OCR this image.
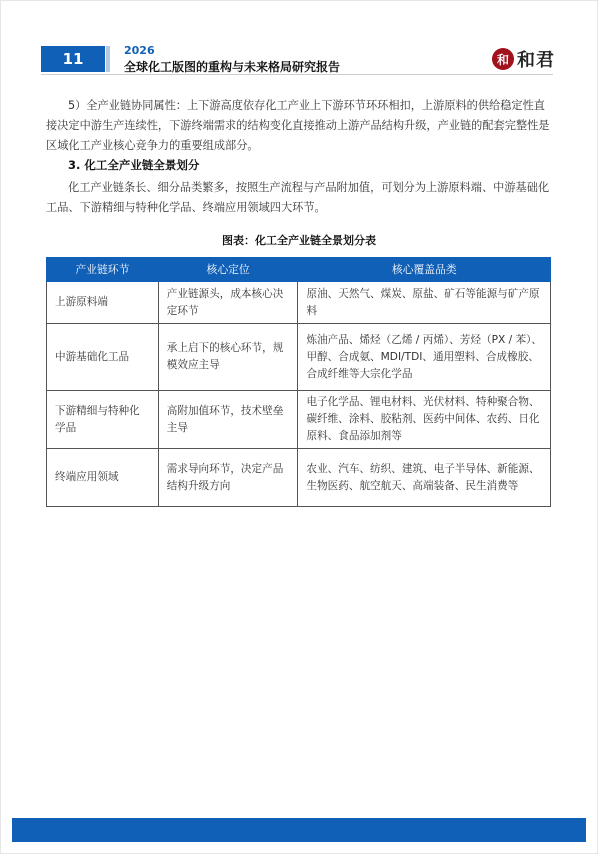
11	2026
全球化工版图的重构与未来格局研究报告
和 和君

5）全产业链协同属性：上下游高度依存化工产业上下游环节环环相扣，上游原料的供给稳定性直接决定中游生产连续性，下游终端需求的结构变化直接推动上游产品结构升级，产业链的配套完整性是区域化工产业核心竞争力的重要组成部分。

3. 化工全产业链全景划分

化工产业链条长、细分品类繁多，按照生产流程与产品附加值，可划分为上游原料端、中游基础化工品、下游精细与特种化学品、终端应用领域四大环节。

图表：化工全产业链全景划分表
产业链环节	核心定位	核心覆盖品类
上游原料端	产业链源头，成本核心决定环节	原油、天然气、煤炭、原盐、矿石等能源与矿产原料
中游基础化工品	承上启下的核心环节，规模效应主导	炼油产品、烯烃（乙烯 / 丙烯）、芳烃（PX / 苯）、甲醇、合成氨、MDI/TDI、通用塑料、合成橡胶、合成纤维等大宗化学品
下游精细与特种化学品	高附加值环节，技术壁垒主导	电子化学品、锂电材料、光伏材料、特种聚合物、碳纤维、涂料、胶粘剂、医药中间体、农药、日化原料、食品添加剂等
终端应用领域	需求导向环节，决定产品结构升级方向	农业、汽车、纺织、建筑、电子半导体、新能源、生物医药、航空航天、高端装备、民生消费等
